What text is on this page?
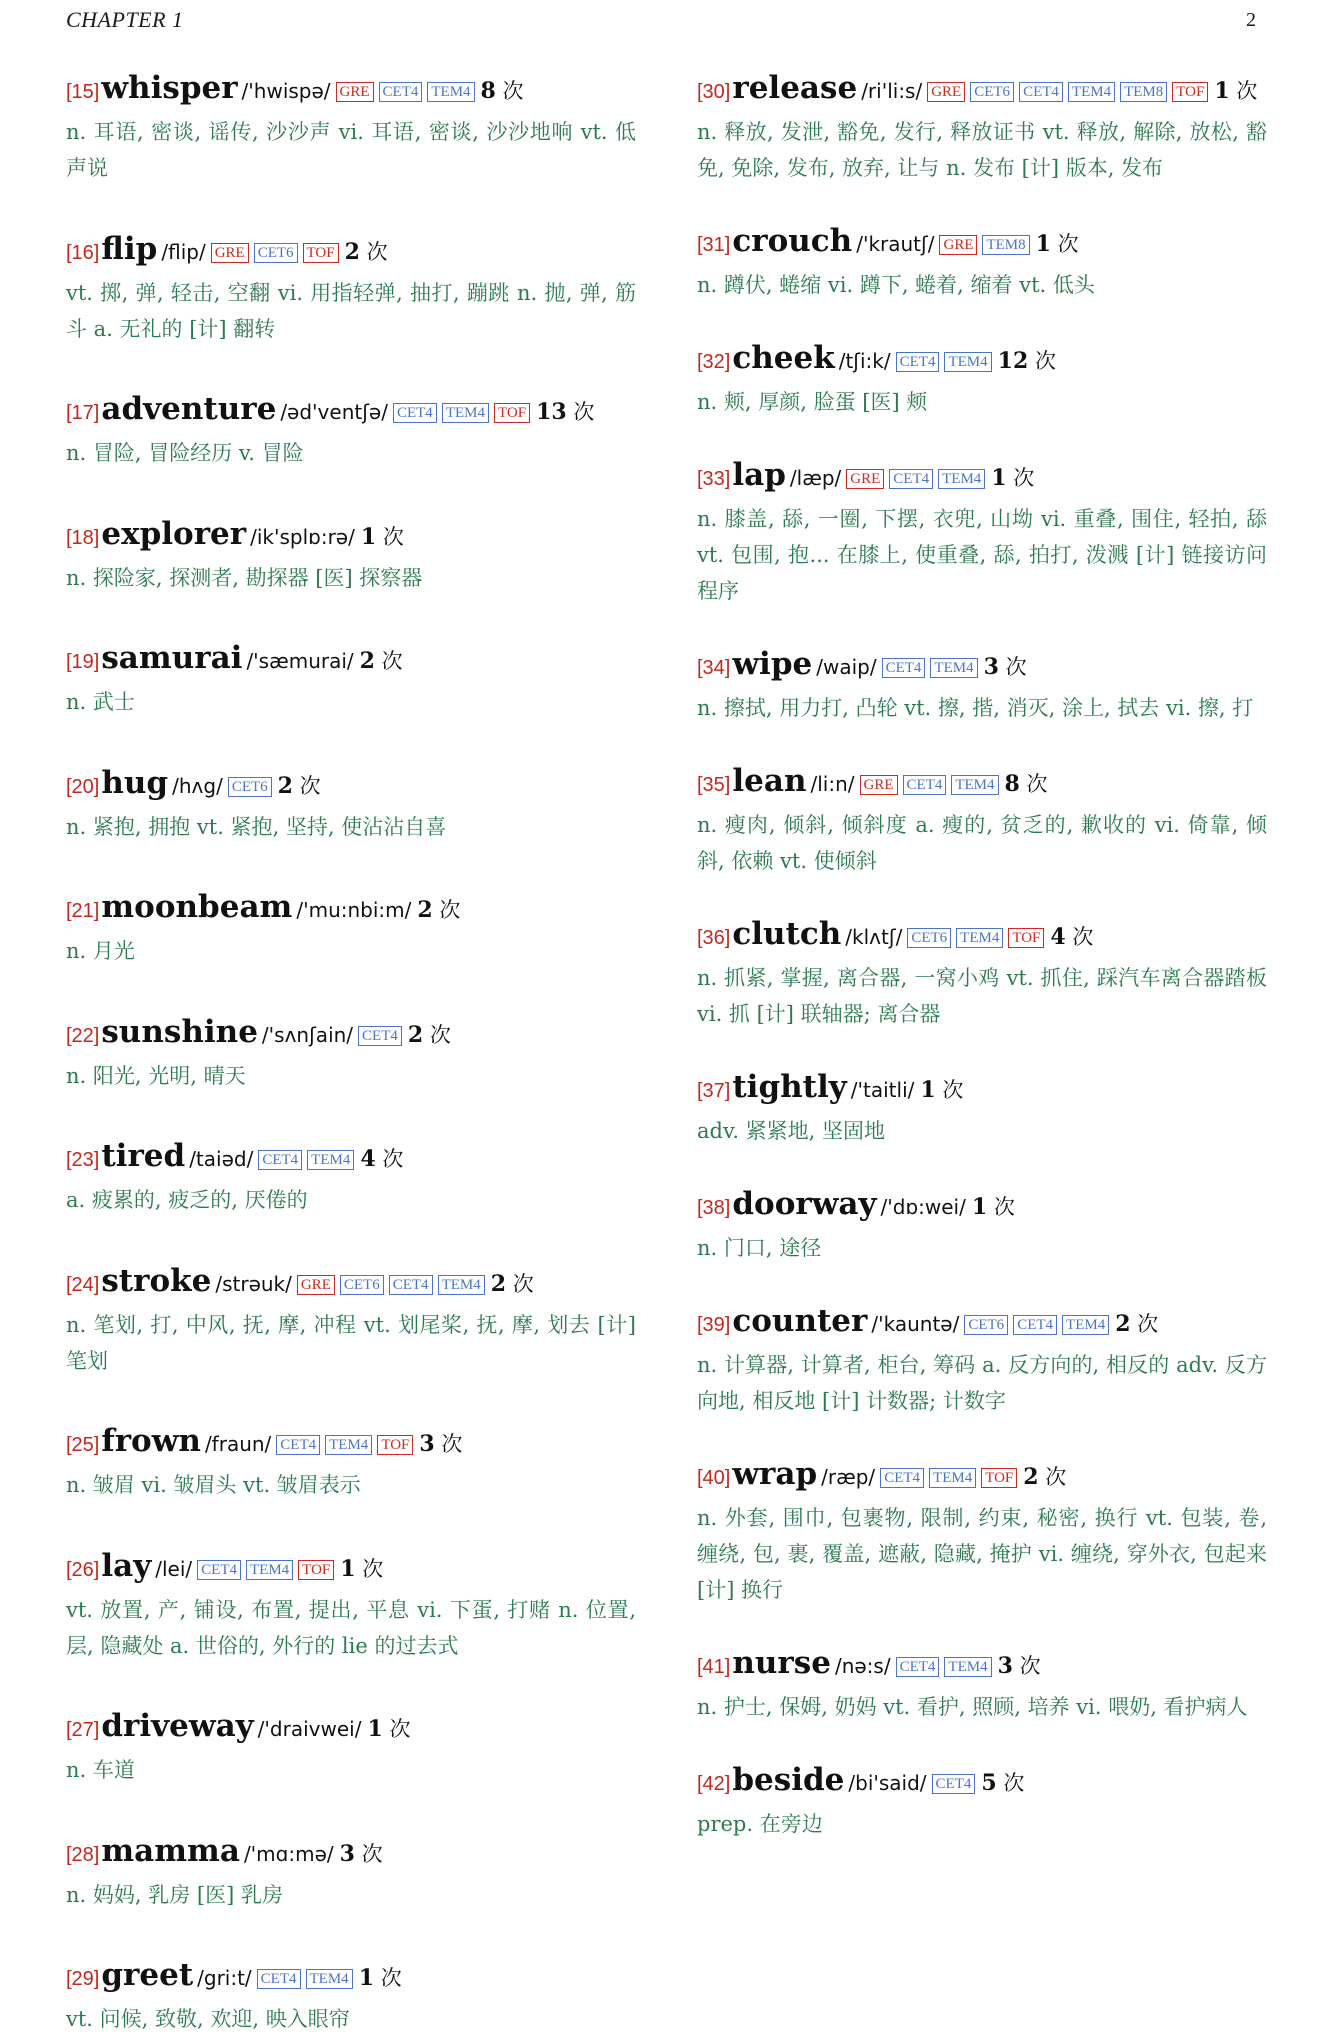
CHAPTER 1	2
[15]whisper /'hwispə/ GRE CET4 TEM4 8 次
n. 耳语, 密谈, 谣传, 沙沙声 vi. 耳语, 密谈, 沙沙地响 vt. 低声说
[16]flip /flip/ GRE CET6 TOF 2 次
vt. 掷, 弹, 轻击, 空翻 vi. 用指轻弹, 抽打, 蹦跳 n. 抛, 弹, 筋斗 a. 无礼的 [计] 翻转
[17]adventure /əd'ventʃə/ CET4 TEM4 TOF 13 次
n. 冒险, 冒险经历 v. 冒险
[18]explorer /ik'splɒ:rə/ 1 次
n. 探险家, 探测者, 勘探器 [医] 探察器
[19]samurai /'sæmurai/ 2 次
n. 武士
[20]hug /hʌg/ CET6 2 次
n. 紧抱, 拥抱 vt. 紧抱, 坚持, 使沾沾自喜
[21]moonbeam /'mu:nbi:m/ 2 次
n. 月光
[22]sunshine /'sʌnʃain/ CET4 2 次
n. 阳光, 光明, 晴天
[23]tired /taiəd/ CET4 TEM4 4 次
a. 疲累的, 疲乏的, 厌倦的
[24]stroke /strəuk/ GRE CET6 CET4 TEM4 2 次
n. 笔划, 打, 中风, 抚, 摩, 冲程 vt. 划尾桨, 抚, 摩, 划去 [计] 笔划
[25]frown /fraun/ CET4 TEM4 TOF 3 次
n. 皱眉 vi. 皱眉头 vt. 皱眉表示
[26]lay /lei/ CET4 TEM4 TOF 1 次
vt. 放置, 产, 铺设, 布置, 提出, 平息 vi. 下蛋, 打赌 n. 位置, 层, 隐藏处 a. 世俗的, 外行的 lie 的过去式
[27]driveway /'draivwei/ 1 次
n. 车道
[28]mamma /'mɑ:mə/ 3 次
n. 妈妈, 乳房 [医] 乳房
[29]greet /gri:t/ CET4 TEM4 1 次
vt. 问候, 致敬, 欢迎, 映入眼帘
[30]release /ri'li:s/ GRE CET6 CET4 TEM4 TEM8 TOF 1 次
n. 释放, 发泄, 豁免, 发行, 释放证书 vt. 释放, 解除, 放松, 豁免, 免除, 发布, 放弃, 让与 n. 发布 [计] 版本, 发布
[31]crouch /'krautʃ/ GRE TEM8 1 次
n. 蹲伏, 蜷缩 vi. 蹲下, 蜷着, 缩着 vt. 低头
[32]cheek /tʃi:k/ CET4 TEM4 12 次
n. 颊, 厚颜, 脸蛋 [医] 颊
[33]lap /læp/ GRE CET4 TEM4 1 次
n. 膝盖, 舔, 一圈, 下摆, 衣兜, 山坳 vi. 重叠, 围住, 轻拍, 舔 vt. 包围, 抱... 在膝上, 使重叠, 舔, 拍打, 泼溅 [计] 链接访问程序
[34]wipe /waip/ CET4 TEM4 3 次
n. 擦拭, 用力打, 凸轮 vt. 擦, 揩, 消灭, 涂上, 拭去 vi. 擦, 打
[35]lean /li:n/ GRE CET4 TEM4 8 次
n. 瘦肉, 倾斜, 倾斜度 a. 瘦的, 贫乏的, 歉收的 vi. 倚靠, 倾斜, 依赖 vt. 使倾斜
[36]clutch /klʌtʃ/ CET6 TEM4 TOF 4 次
n. 抓紧, 掌握, 离合器, 一窝小鸡 vt. 抓住, 踩汽车离合器踏板 vi. 抓 [计] 联轴器; 离合器
[37]tightly /'taitli/ 1 次
adv. 紧紧地, 坚固地
[38]doorway /'dɒ:wei/ 1 次
n. 门口, 途径
[39]counter /'kauntə/ CET6 CET4 TEM4 2 次
n. 计算器, 计算者, 柜台, 筹码 a. 反方向的, 相反的 adv. 反方向地, 相反地 [计] 计数器; 计数字
[40]wrap /ræp/ CET4 TEM4 TOF 2 次
n. 外套, 围巾, 包裹物, 限制, 约束, 秘密, 换行 vt. 包装, 卷, 缠绕, 包, 裹, 覆盖, 遮蔽, 隐藏, 掩护 vi. 缠绕, 穿外衣, 包起来 [计] 换行
[41]nurse /nə:s/ CET4 TEM4 3 次
n. 护士, 保姆, 奶妈 vt. 看护, 照顾, 培养 vi. 喂奶, 看护病人
[42]beside /bi'said/ CET4 5 次
prep. 在旁边
